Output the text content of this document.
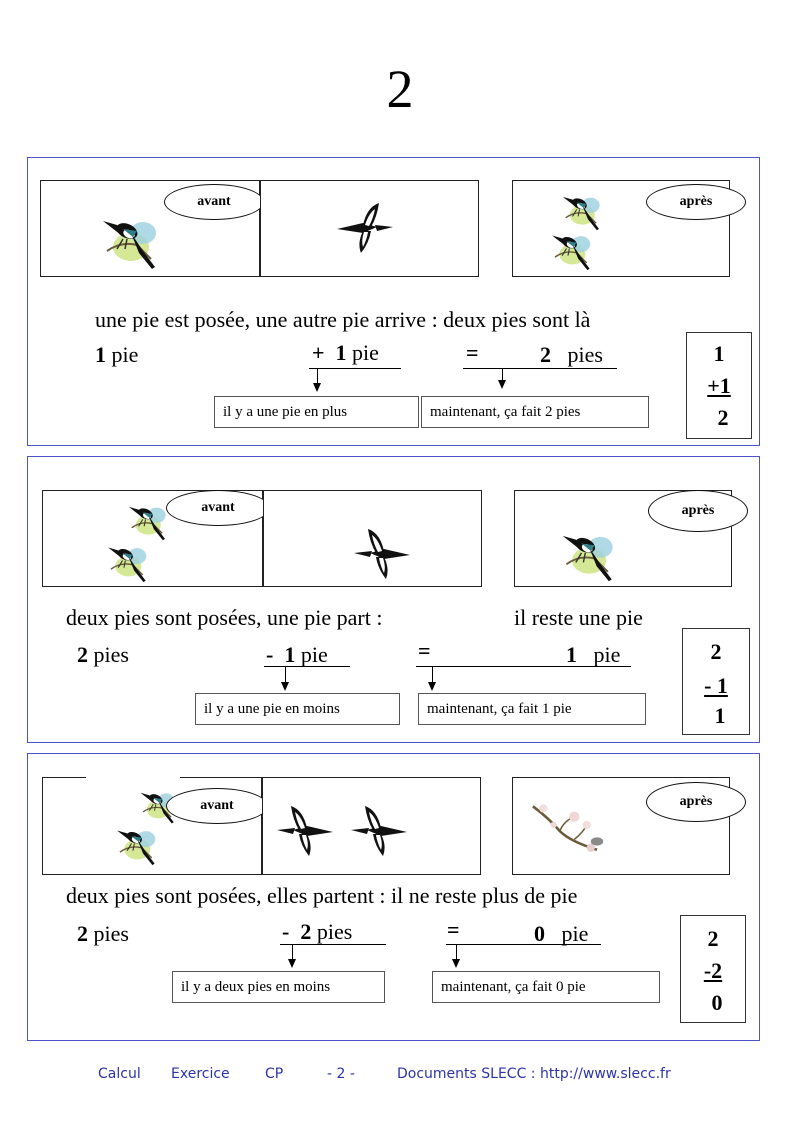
2
avant	après
une pie est posée, une autre pie arrive : deux pies sont là
1 pie	+ 1 pie	=	2 pies
il y a une pie en plus	maintenant, ça fait 2 pies
1
+1
2
avant	après
deux pies sont posées, une pie part :	il reste une pie
2 pies	- 1 pie	=	1 pie
il y a une pie en moins	maintenant, ça fait 1 pie
2
- 1
1
avant	après
deux pies sont posées, elles partent : il ne reste plus de pie
2 pies	- 2 pies	=	0 pie
il y a deux pies en moins	maintenant, ça fait 0 pie
2
-2
0
Calcul Exercice	CP	- 2 -	Documents SLECC : http://www.slecc.fr
